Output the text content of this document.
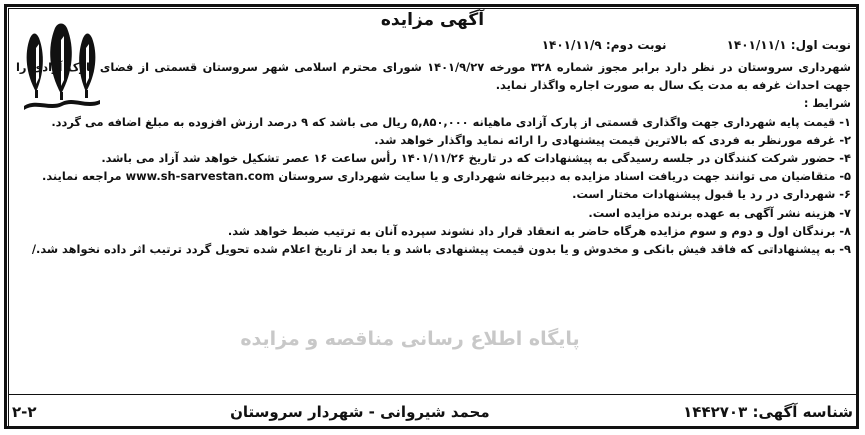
آگهی مزایده
نوبت اول: ۱۴۰۱/۱۱/۱
نوبت دوم: ۱۴۰۱/۱۱/۹

شهرداری سروستان در نظر دارد برابر مجوز شماره ۳۲۸ مورخه ۱۴۰۱/۹/۲۷ شورای محترم اسلامی شهر سروستان قسمتی از فضای پارک آزادی را جهت احداث غرفه به مدت یک سال به صورت اجاره واگذار نماید.

شرایط :

۱- قیمت پایه شهرداری جهت واگذاری قسمتی از پارک آزادی ماهیانه ۵,۸۵۰,۰۰۰ ریال می باشد که ۹ درصد ارزش افزوده به مبلغ اضافه می گردد.

۲- غرفه مورنظر به فردی که بالاترین قیمت پیشنهادی را ارائه نماید واگذار خواهد شد.

۴- حضور شرکت کنندگان در جلسه رسیدگی به پیشنهادات که در تاریخ ۱۴۰۱/۱۱/۲۶ رأس ساعت ۱۶ عصر تشکیل خواهد شد آزاد می باشد.

۵- متقاضیان می توانند جهت دریافت اسناد مزایده به دبیرخانه شهرداری و یا سایت شهرداری سروستان www.sh-sarvestan.com مراجعه نمایند.

۶- شهرداری در رد یا قبول پیشنهادات مختار است.

۷- هزینه نشر آگهی به عهده برنده مزایده است.

۸- برندگان اول و دوم و سوم مزایده هرگاه حاضر به انعقاد قرار داد نشوند سپرده آنان به ترتیب ضبط خواهد شد.

۹- به پیشنهاداتی که فاقد فیش بانکی و مخدوش و یا بدون قیمت پیشنهادی باشد و یا بعد از تاریخ اعلام شده تحویل گردد ترتیب اثر داده نخواهد شد./

پایگاه اطلاع رسانی مناقصه و مزایده
شناسه آگهی: ۱۴۴۲۷۰۳
محمد شیروانی - شهردار سروستان
۲-۲
